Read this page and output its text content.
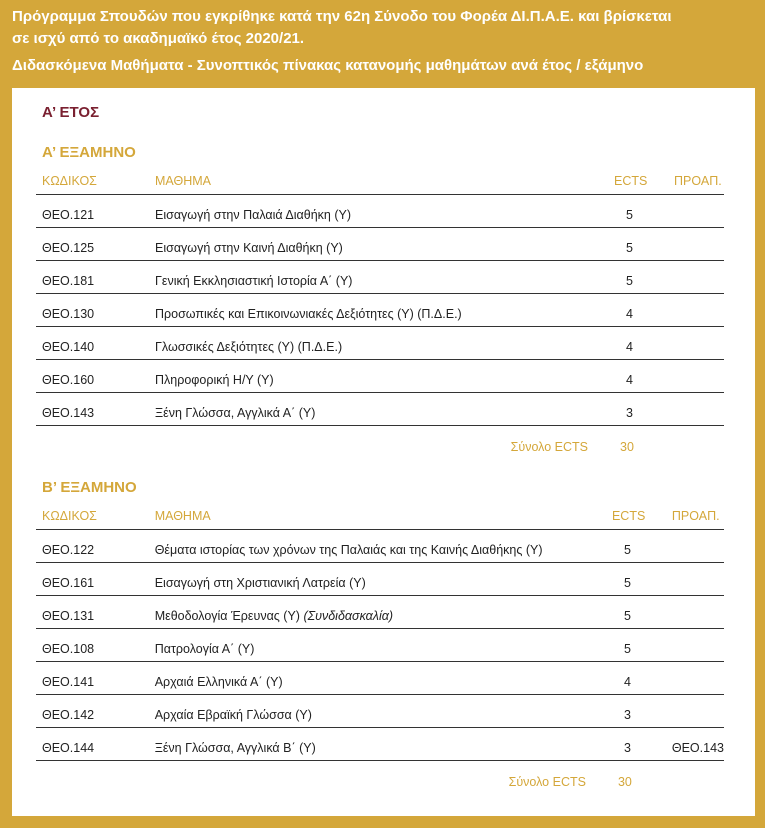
Πρόγραμμα Σπουδών που εγκρίθηκε κατά την 62η Σύνοδο του Φορέα ΔΙ.Π.Α.Ε. και βρίσκεται
σε ισχύ από το ακαδημαϊκό έτος 2020/21.
Διδασκόμενα Μαθήματα - Συνοπτικός πίνακας κατανομής μαθημάτων ανά έτος / εξάμηνο
Α’ ΕΤΟΣ
Α’ ΕΞΑΜΗΝΟ
ΚΩΔΙΚΟΣ	ΜΑΘΗΜΑ	ECTS	ΠΡΟΑΠ.
ΘΕΟ.121	Εισαγωγή στην Παλαιά Διαθήκη (Υ)	5	
ΘΕΟ.125	Εισαγωγή στην Καινή Διαθήκη (Υ)	5	
ΘΕΟ.181	Γενική Εκκλησιαστική Ιστορία Α΄ (Υ)	5	
ΘΕΟ.130	Προσωπικές και Επικοινωνιακές Δεξιότητες (Υ) (Π.Δ.Ε.)	4	
ΘΕΟ.140	Γλωσσικές Δεξιότητες (Υ) (Π.Δ.Ε.)	4	
ΘΕΟ.160	Πληροφορική Η/Υ (Υ)	4	
ΘΕΟ.143	Ξένη Γλώσσα, Αγγλικά Α΄ (Υ)	3	
	Σύνολο ECTS	30	
Β’ ΕΞΑΜΗΝΟ
ΚΩΔΙΚΟΣ	ΜΑΘΗΜΑ	ECTS	ΠΡΟΑΠ.
ΘΕΟ.122	Θέματα ιστορίας των χρόνων της Παλαιάς και της Καινής Διαθήκης (Υ)	5	
ΘΕΟ.161	Εισαγωγή στη Χριστιανική Λατρεία (Υ)	5	
ΘΕΟ.131	Μεθοδολογία Έρευνας (Υ) (Συνδιδασκαλία)	5	
ΘΕΟ.108	Πατρολογία Α΄ (Υ)	5	
ΘΕΟ.141	Αρχαιά Ελληνικά Α΄ (Υ)	4	
ΘΕΟ.142	Αρχαία Εβραϊκή Γλώσσα (Υ)	3	
ΘΕΟ.144	Ξένη Γλώσσα, Αγγλικά Β΄ (Υ)	3	ΘΕΟ.143
	Σύνολο ECTS	30	
